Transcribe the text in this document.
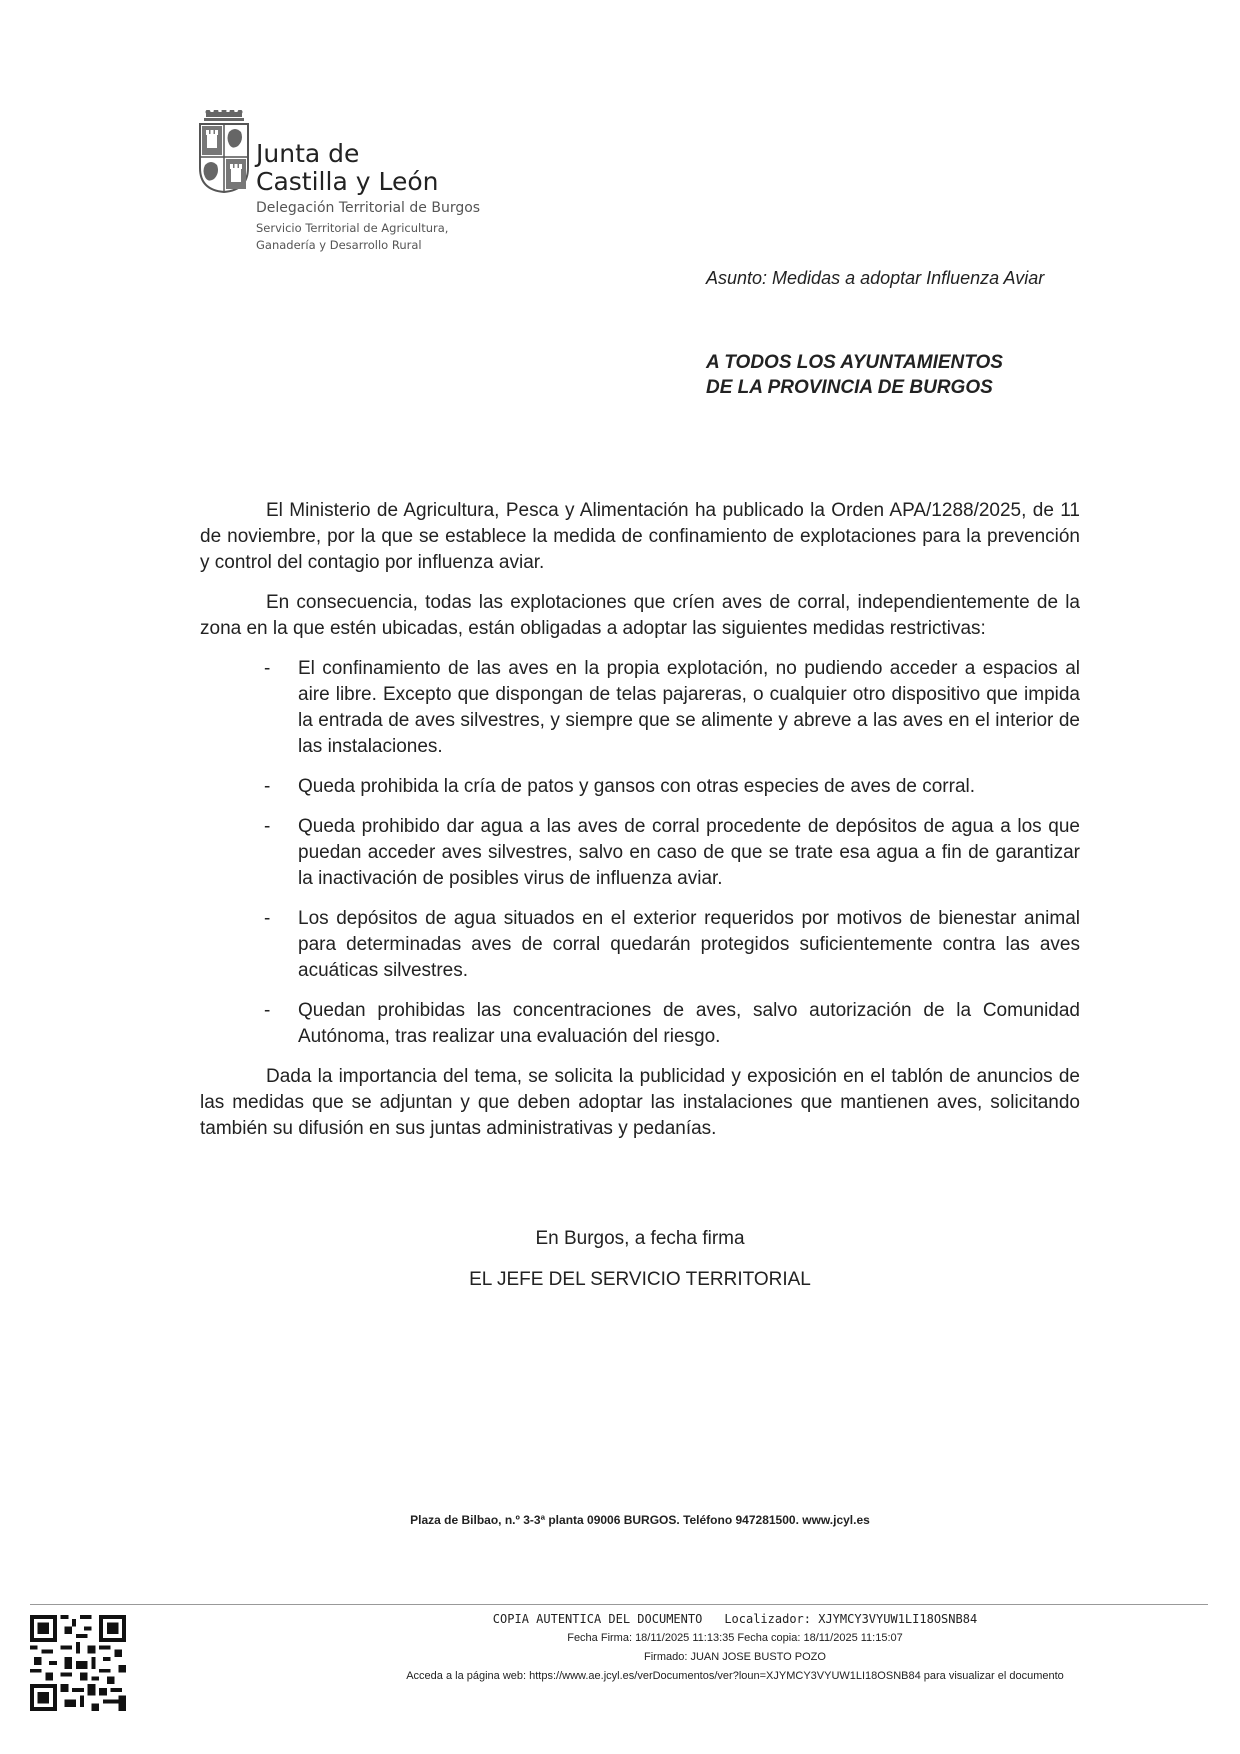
Junta de
Castilla y León
Delegación Territorial de Burgos
Servicio Territorial de Agricultura,
Ganadería y Desarrollo Rural
Asunto: Medidas a adoptar Influenza Aviar
A TODOS LOS AYUNTAMIENTOS
DE LA PROVINCIA DE BURGOS

El Ministerio de Agricultura, Pesca y Alimentación ha publicado la Orden APA/1288/2025, de 11 de noviembre, por la que se establece la medida de confinamiento de explotaciones para la prevención y control del contagio por influenza aviar.

En consecuencia, todas las explotaciones que críen aves de corral, independientemente de la zona en la que estén ubicadas, están obligadas a adoptar las siguientes medidas restrictivas:

- El confinamiento de las aves en la propia explotación, no pudiendo acceder a espacios al aire libre. Excepto que dispongan de telas pajareras, o cualquier otro dispositivo que impida la entrada de aves silvestres, y siempre que se alimente y abreve a las aves en el interior de las instalaciones.
- Queda prohibida la cría de patos y gansos con otras especies de aves de corral.
- Queda prohibido dar agua a las aves de corral procedente de depósitos de agua a los que puedan acceder aves silvestres, salvo en caso de que se trate esa agua a fin de garantizar la inactivación de posibles virus de influenza aviar.
- Los depósitos de agua situados en el exterior requeridos por motivos de bienestar animal para determinadas aves de corral quedarán protegidos suficientemente contra las aves acuáticas silvestres.
- Quedan prohibidas las concentraciones de aves, salvo autorización de la Comunidad Autónoma, tras realizar una evaluación del riesgo.

Dada la importancia del tema, se solicita la publicidad y exposición en el tablón de anuncios de las medidas que se adjuntan y que deben adoptar las instalaciones que mantienen aves, solicitando también su difusión en sus juntas administrativas y pedanías.

En Burgos, a fecha firma
EL JEFE DEL SERVICIO TERRITORIAL
Plaza de Bilbao, n.º 3-3ª planta 09006 BURGOS. Teléfono 947281500. www.jcyl.es
COPIA AUTENTICA DEL DOCUMENTO Localizador: XJYMCY3VYUW1LI18OSNB84
Fecha Firma: 18/11/2025 11:13:35 Fecha copia: 18/11/2025 11:15:07
Firmado: JUAN JOSE BUSTO POZO
Acceda a la página web: https://www.ae.jcyl.es/verDocumentos/ver?loun=XJYMCY3VYUW1LI18OSNB84 para visualizar el documento
